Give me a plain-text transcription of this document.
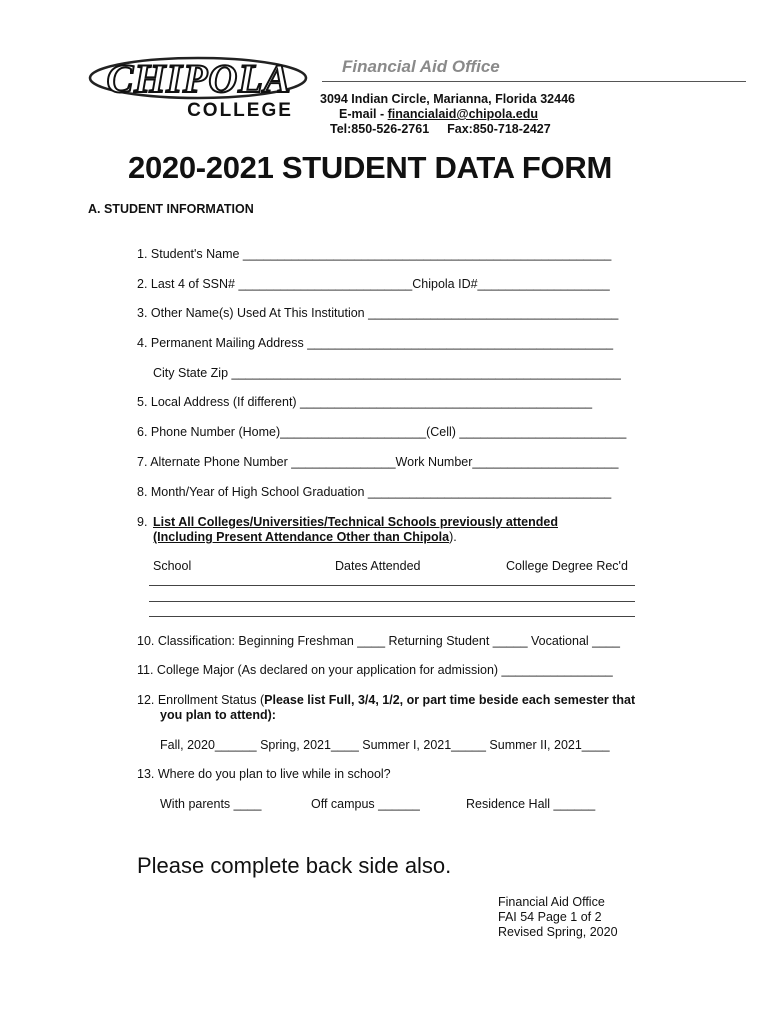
CHIPOLA
COLLEGE
Financial Aid Office
3094 Indian Circle, Marianna, Florida 32446
E-mail - financialaid@chipola.edu
Tel:850-526-2761 Fax:850-718-2427
2020-2021 STUDENT DATA FORM
A. STUDENT INFORMATION
1. Student's Name _____________________________________________________
2. Last 4 of SSN# _________________________Chipola ID#___________________
3. Other Name(s) Used At This Institution ____________________________________
4. Permanent Mailing Address ____________________________________________
City State Zip ________________________________________________________
5. Local Address (If different) __________________________________________
6. Phone Number (Home)_____________________(Cell) ________________________
7. Alternate Phone Number _______________Work Number_____________________
8. Month/Year of High School Graduation ___________________________________
9. List All Colleges/Universities/Technical Schools previously attended
(Including Present Attendance Other than Chipola).
School	Dates Attended	College Degree Rec'd
10. Classification: Beginning Freshman ____ Returning Student _____ Vocational ____
11. College Major (As declared on your application for admission) ________________
12. Enrollment Status (Please list Full, 3/4, 1/2, or part time beside each semester that
you plan to attend):
Fall, 2020______ Spring, 2021____ Summer I, 2021_____ Summer II, 2021____
13. Where do you plan to live while in school?
With parents ____	Off campus ______	Residence Hall ______
Please complete back side also.
Financial Aid Office
FAI 54 Page 1 of 2
Revised Spring, 2020
